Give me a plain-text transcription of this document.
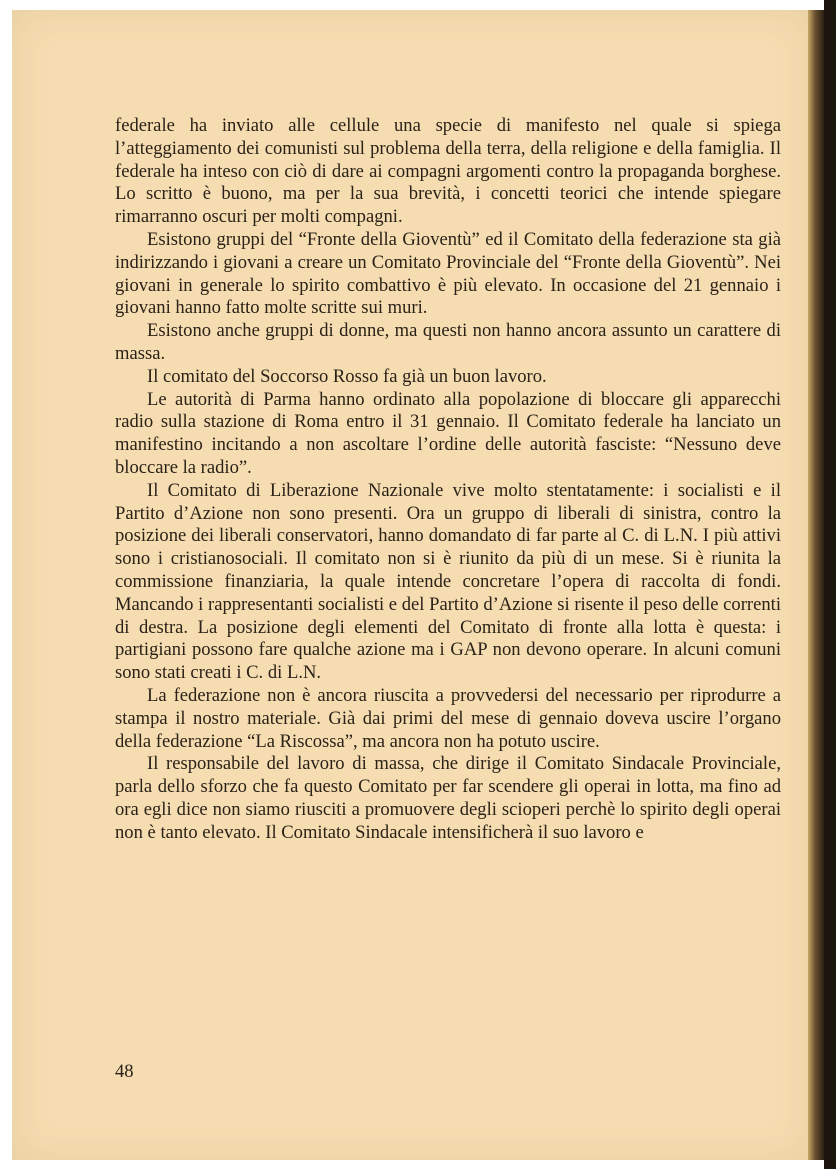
federale ha inviato alle cellule una specie di manifesto nel quale si spiega l’atteggiamento dei comunisti sul problema della terra, della religione e della famiglia. Il federale ha inteso con ciò di dare ai compagni argomenti contro la propaganda borghese. Lo scritto è buono, ma per la sua brevità, i concetti teorici che intende spiegare rimarranno oscuri per molti compagni.

Esistono gruppi del “Fronte della Gioventù” ed il Comitato della federazione sta già indirizzando i giovani a creare un Comitato Provinciale del “Fronte della Gioventù”. Nei giovani in generale lo spirito combattivo è più elevato. In occasione del 21 gennaio i giovani hanno fatto molte scritte sui muri.

Esistono anche gruppi di donne, ma questi non hanno ancora assunto un carattere di massa.

Il comitato del Soccorso Rosso fa già un buon lavoro.

Le autorità di Parma hanno ordinato alla popolazione di bloccare gli apparecchi radio sulla stazione di Roma entro il 31 gennaio. Il Comitato federale ha lanciato un manifestino incitando a non ascoltare l’ordine delle autorità fasciste: “Nessuno deve bloccare la radio”.

Il Comitato di Liberazione Nazionale vive molto stentatamente: i socialisti e il Partito d’Azione non sono presenti. Ora un gruppo di liberali di sinistra, contro la posizione dei liberali conservatori, hanno domandato di far parte al C. di L.N. I più attivi sono i cristianosociali. Il comitato non si è riunito da più di un mese. Si è riunita la commissione finanziaria, la quale intende concretare l’opera di raccolta di fondi. Mancando i rappresentanti socialisti e del Partito d’Azione si risente il peso delle correnti di destra. La posizione degli elementi del Comitato di fronte alla lotta è questa: i partigiani possono fare qualche azione ma i GAP non devono operare. In alcuni comuni sono stati creati i C. di L.N.

La federazione non è ancora riuscita a provvedersi del necessario per riprodurre a stampa il nostro materiale. Già dai primi del mese di gennaio doveva uscire l’organo della federazione “La Riscossa”, ma ancora non ha potuto uscire.

Il responsabile del lavoro di massa, che dirige il Comitato Sindacale Provinciale, parla dello sforzo che fa questo Comitato per far scendere gli operai in lotta, ma fino ad ora egli dice non siamo riusciti a promuovere degli scioperi perchè lo spirito degli operai non è tanto elevato. Il Comitato Sindacale intensificherà il suo lavoro e

48
